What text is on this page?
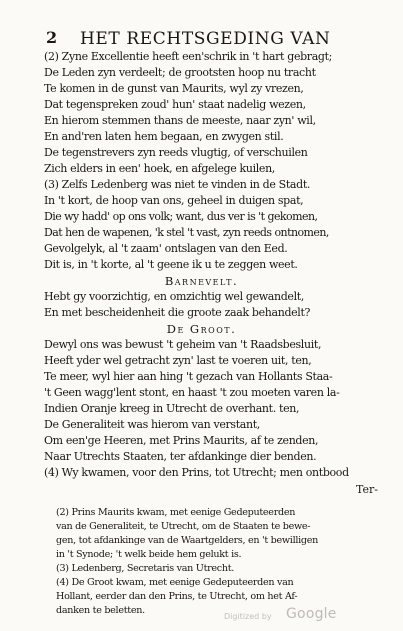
2 HET RECHTSGEDING VAN
(2) Zyne Excellentie heeft een'schrik in 't hart gebragt;
De Leden zyn verdeelt; de grootsten hoop nu tracht
Te komen in de gunst van Maurits, wyl zy vrezen,
Dat tegenspreken zoud' hun' staat nadelig wezen,
En hierom stemmen thans de meeste, naar zyn' wil,
En and'ren laten hem begaan, en zwygen stil.
De tegenstrevers zyn reeds vlugtig, of verschuilen
Zich elders in een' hoek, en afgelege kuilen,
(3) Zelfs Ledenberg was niet te vinden in de Stadt.
In 't kort, de hoop van ons, geheel in duigen spat,
Die wy hadd' op ons volk; want, dus ver is 't gekomen,
Dat hen de wapenen, 'k stel 't vast, zyn reeds ontnomen,
Gevolgelyk, al 't zaam' ontslagen van den Eed.
Dit is, in 't korte, al 't geene ik u te zeggen weet.
Barnevelt.
Hebt gy voorzichtig, en omzichtig wel gewandelt,
En met bescheidenheit die groote zaak behandelt?
De Groot.
Dewyl ons was bewust 't geheim van 't Raadsbesluit,
Heeft yder wel getracht zyn' last te voeren uit, ten,
Te meer, wyl hier aan hing 't gezach van Hollants Staa-
't Geen wagg'lent stont, en haast 't zou moeten varen la-
Indien Oranje kreeg in Utrecht de overhant. ten,
De Generaliteit was hierom van verstant,
Om een'ge Heeren, met Prins Maurits, af te zenden,
Naar Utrechts Staaten, ter afdankinge dier benden.
(4) Wy kwamen, voor den Prins, tot Utrecht; men ontbood
Ter-
(2) Prins Maurits kwam, met eenige Gedeputeerden
van de Generaliteit, te Utrecht, om de Staaten te bewe-
gen, tot afdankinge van de Waartgelders, en 't bewilligen
in 't Synode; 't welk beide hem gelukt is.
(3) Ledenberg, Secretaris van Utrecht.
(4) De Groot kwam, met eenige Gedeputeerden van
Hollant, eerder dan den Prins, te Utrecht, om het Af-
danken te beletten.
Digitized by Google
